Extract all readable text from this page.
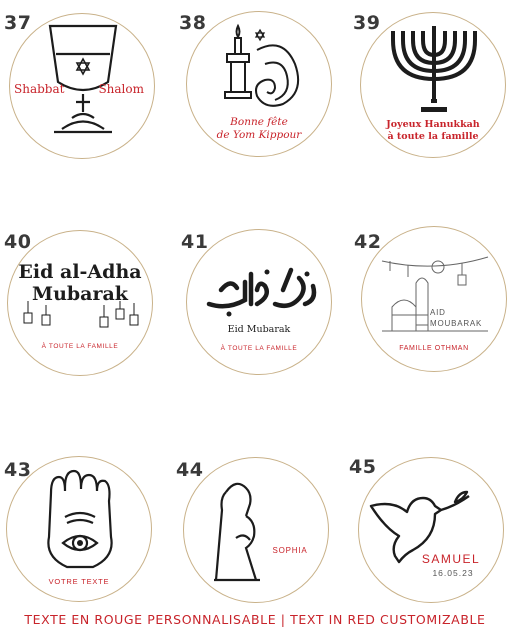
37
Shabbat	Shalom
38
Bonne fête
de Yom Kippour
39
Joyeux Hanukkah
à toute la famille
40
Eid al-Adha
Mubarak
À TOUTE LA FAMILLE
41
Eid Mubarak
À TOUTE LA FAMILLE
42
AID
MOUBARAK
FAMILLE OTHMAN
43
VOTRE TEXTE
44
SOPHIA
45
SAMUEL
16.05.23
TEXTE EN ROUGE PERSONNALISABLE | TEXT IN RED CUSTOMIZABLE
